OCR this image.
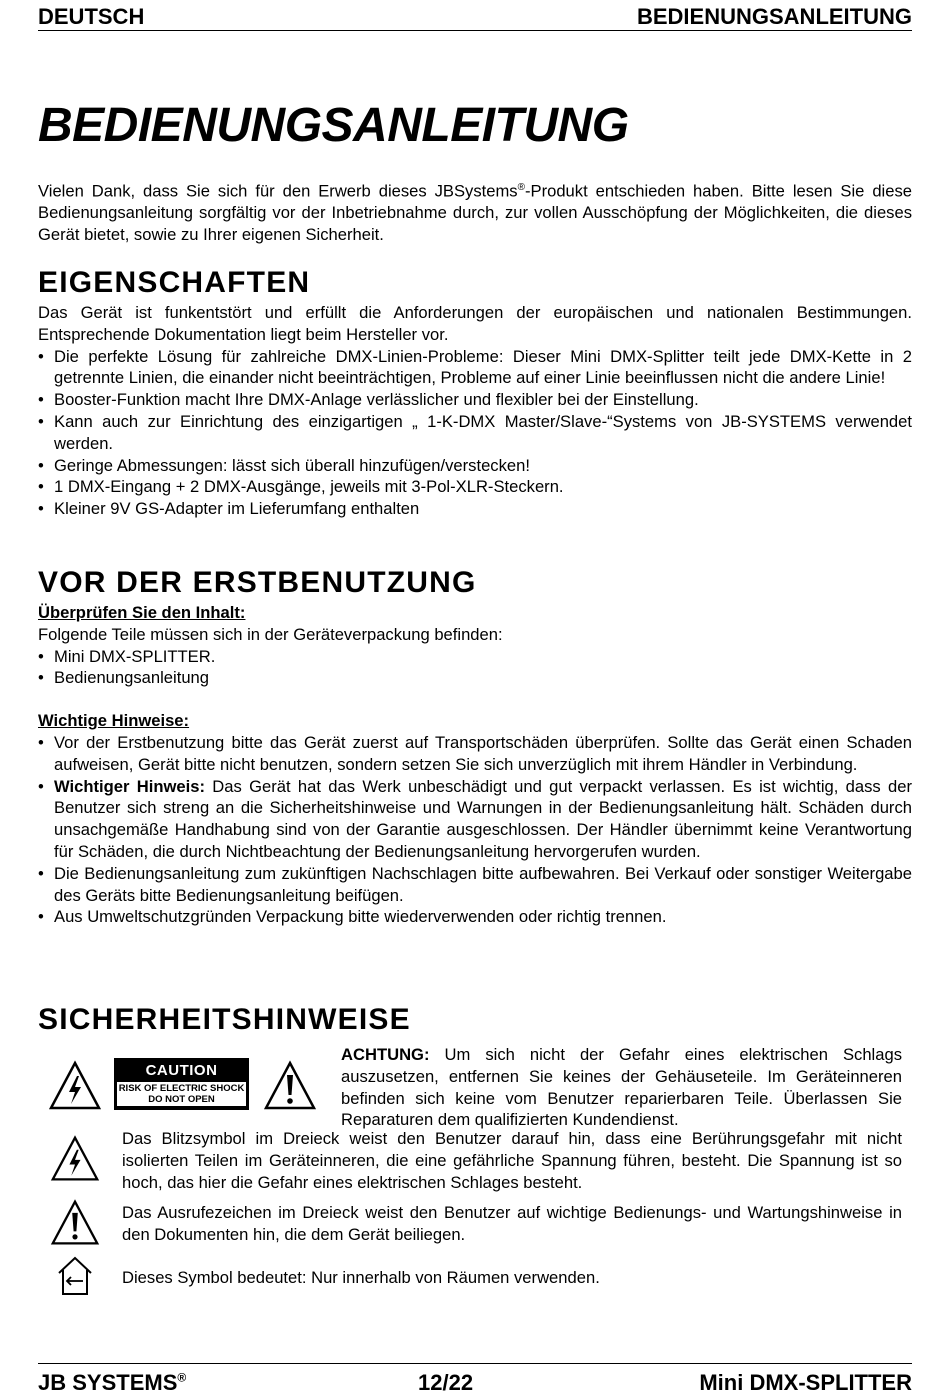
DEUTSCH	BEDIENUNGSANLEITUNG
BEDIENUNGSANLEITUNG
Vielen Dank, dass Sie sich für den Erwerb dieses JBSystems®-Produkt entschieden haben. Bitte lesen Sie diese Bedienungsanleitung sorgfältig vor der Inbetriebnahme durch, zur vollen Ausschöpfung der Möglichkeiten, die dieses Gerät bietet, sowie zu Ihrer eigenen Sicherheit.
EIGENSCHAFTEN
Das Gerät ist funkentstört und erfüllt die Anforderungen der europäischen und nationalen Bestimmungen. Entsprechende Dokumentation liegt beim Hersteller vor.
• Die perfekte Lösung für zahlreiche DMX-Linien-Probleme: Dieser Mini DMX-Splitter teilt jede DMX-Kette in 2 getrennte Linien, die einander nicht beeinträchtigen, Probleme auf einer Linie beeinflussen nicht die andere Linie!
• Booster-Funktion macht Ihre DMX-Anlage verlässlicher und flexibler bei der Einstellung.
• Kann auch zur Einrichtung des einzigartigen „ 1-K-DMX Master/Slave-“Systems von JB-SYSTEMS verwendet werden.
• Geringe Abmessungen: lässt sich überall hinzufügen/verstecken!
• 1 DMX-Eingang + 2 DMX-Ausgänge, jeweils mit 3-Pol-XLR-Steckern.
• Kleiner 9V GS-Adapter im Lieferumfang enthalten
VOR DER ERSTBENUTZUNG
Überprüfen Sie den Inhalt:
Folgende Teile müssen sich in der Geräteverpackung befinden:
• Mini DMX-SPLITTER.
• Bedienungsanleitung
Wichtige Hinweise:
• Vor der Erstbenutzung bitte das Gerät zuerst auf Transportschäden überprüfen. Sollte das Gerät einen Schaden aufweisen, Gerät bitte nicht benutzen, sondern setzen Sie sich unverzüglich mit ihrem Händler in Verbindung.
• Wichtiger Hinweis: Das Gerät hat das Werk unbeschädigt und gut verpackt verlassen. Es ist wichtig, dass der Benutzer sich streng an die Sicherheitshinweise und Warnungen in der Bedienungsanleitung hält. Schäden durch unsachgemäße Handhabung sind von der Garantie ausgeschlossen. Der Händler übernimmt keine Verantwortung für Schäden, die durch Nichtbeachtung der Bedienungsanleitung hervorgerufen wurden.
• Die Bedienungsanleitung zum zukünftigen Nachschlagen bitte aufbewahren. Bei Verkauf oder sonstiger Weitergabe des Geräts bitte Bedienungsanleitung beifügen.
• Aus Umweltschutzgründen Verpackung bitte wiederverwenden oder richtig trennen.
SICHERHEITSHINWEISE
CAUTION
RISK OF ELECTRIC SHOCK
DO NOT OPEN
ACHTUNG: Um sich nicht der Gefahr eines elektrischen Schlags auszusetzen, entfernen Sie keines der Gehäuseteile. Im Geräteinneren befinden sich keine vom Benutzer reparierbaren Teile. Überlassen Sie Reparaturen dem qualifizierten Kundendienst.
Das Blitzsymbol im Dreieck weist den Benutzer darauf hin, dass eine Berührungsgefahr mit nicht isolierten Teilen im Geräteinneren, die eine gefährliche Spannung führen, besteht. Die Spannung ist so hoch, das hier die Gefahr eines elektrischen Schlages besteht.
Das Ausrufezeichen im Dreieck weist den Benutzer auf wichtige Bedienungs- und Wartungshinweise in den Dokumenten hin, die dem Gerät beiliegen.
Dieses Symbol bedeutet: Nur innerhalb von Räumen verwenden.
JB SYSTEMS®	12/22	Mini DMX-SPLITTER
